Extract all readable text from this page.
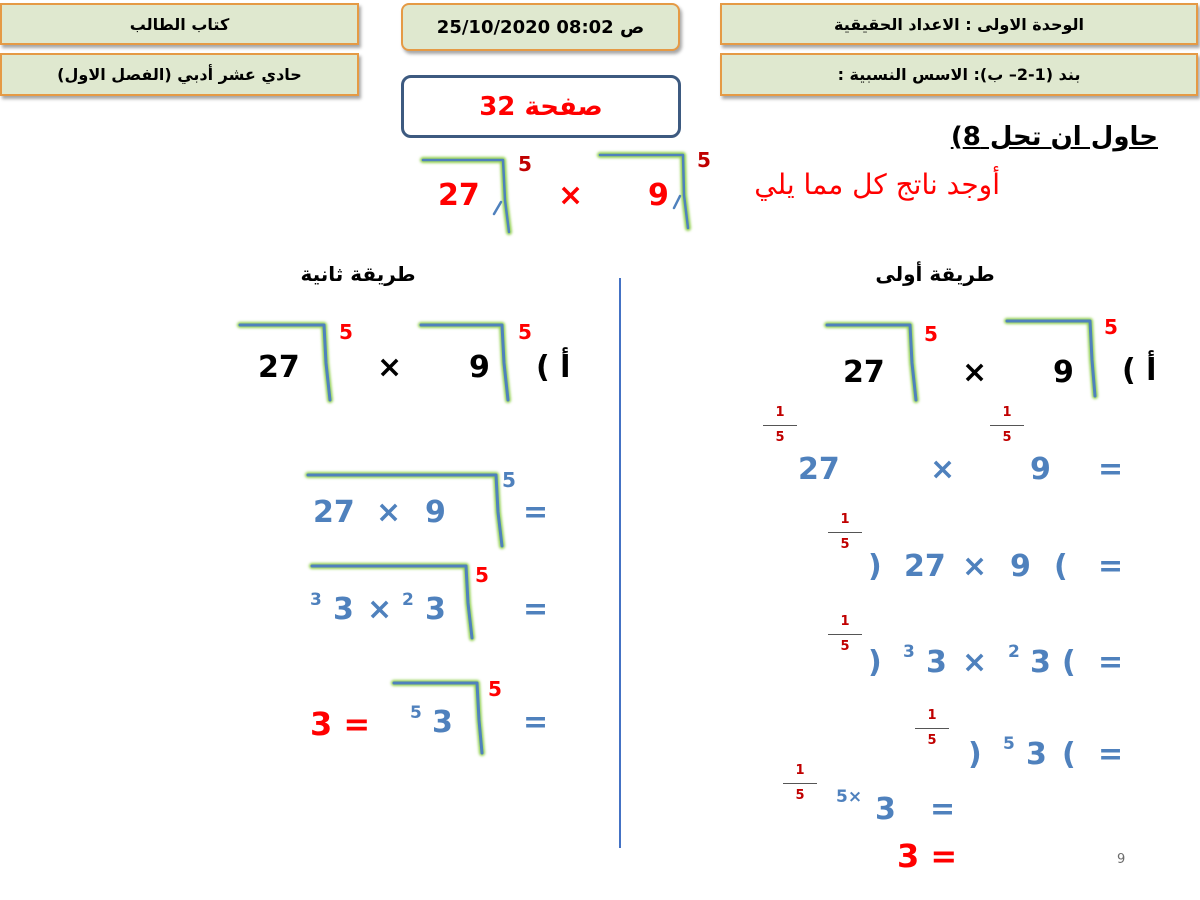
كتاب الطالب
حادي عشر أدبي (الفصل الاول)
25/10/2020 08:02 ص
صفحة 32
الوحدة الاولى : الاعداد الحقيقية
بند (1-2– ب): الاسس النسبية :
حاول ان تحل 8)
أوجد ناتج كل مما يلي
27	× 9
5	5
طريقة أولى
أ )
27	× 9
5	5
1
5
27	×
1
5
9 =
1
5
) 27 × 9 ( =
1
5 ) 3 3 × 2 3 ( =
1
5	) 5 3 ( =
1
5	5× 3 =
3 =
طريقة ثانية
أ )
27	× 9
5	5
27 × 9
5
=
3 3 × 2 3
5
=
3 = 5 3
5
=
9
